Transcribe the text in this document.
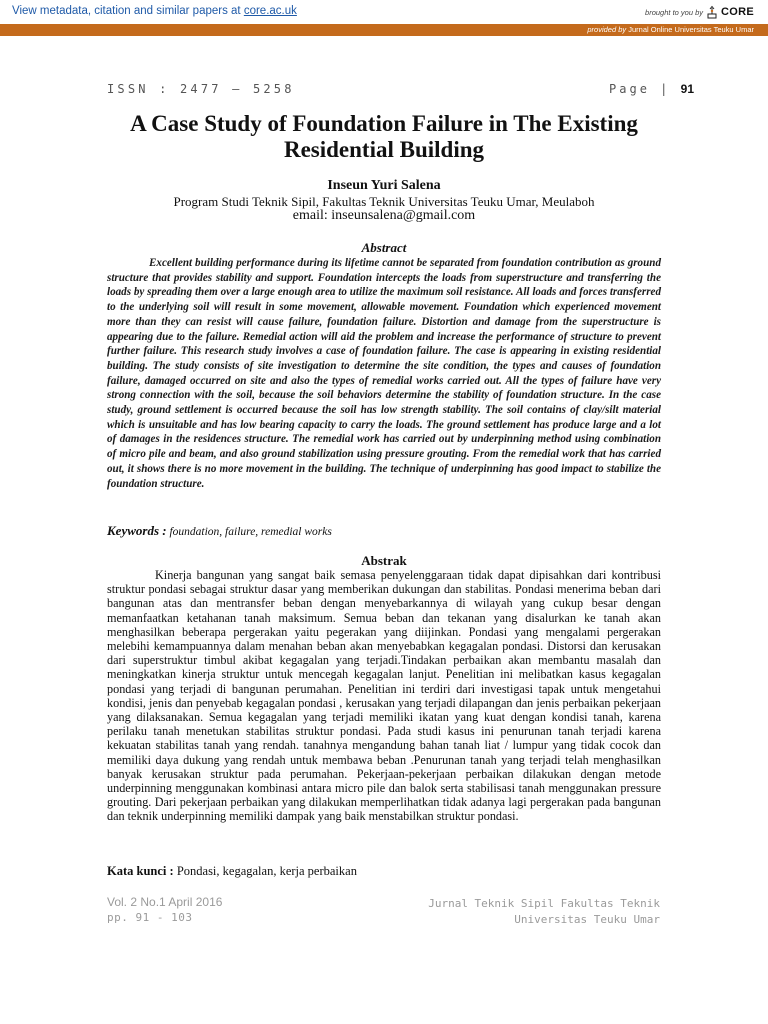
View metadata, citation and similar papers at core.ac.uk	brought to you by CORE
provided by Jurnal Online Universitas Teuku Umar
ISSN : 2477 – 5258	Page | 91
A Case Study of Foundation Failure in The Existing
Residential Building
Inseun Yuri Salena
Program Studi Teknik Sipil, Fakultas Teknik Universitas Teuku Umar, Meulaboh
email: inseunsalena@gmail.com
Abstract

Excellent building performance during its lifetime cannot be separated from foundation contribution as ground structure that provides stability and support. Foundation intercepts the loads from superstructure and transferring the loads by spreading them over a large enough area to utilize the maximum soil resistance. All loads and forces transferred to the underlying soil will result in some movement, allowable movement. Foundation which experienced movement more than they can resist will cause failure, foundation failure. Distortion and damage from the superstructure is appearing due to the failure. Remedial action will aid the problem and increase the performance of structure to prevent further failure. This research study involves a case of foundation failure. The case is appearing in existing residential building. The study consists of site investigation to determine the site condition, the types and causes of foundation failure, damaged occurred on site and also the types of remedial works carried out. All the types of failure have very strong connection with the soil, because the soil behaviors determine the stability of foundation structure. In the case study, ground settlement is occurred because the soil has low strength stability. The soil contains of clay/silt material which is unsuitable and has low bearing capacity to carry the loads. The ground settlement has produce large and a lot of damages in the residences structure. The remedial work has carried out by underpinning method using combination of micro pile and beam, and also ground stabilization using pressure grouting. From the remedial work that has carried out, it shows there is no more movement in the building. The technique of underpinning has good impact to stabilize the foundation structure.

Keywords : foundation, failure, remedial works
Abstrak

Kinerja bangunan yang sangat baik semasa penyelenggaraan tidak dapat dipisahkan dari kontribusi struktur pondasi sebagai struktur dasar yang memberikan dukungan dan stabilitas. Pondasi menerima beban dari bangunan atas dan mentransfer beban dengan menyebarkannya di wilayah yang cukup besar dengan memanfaatkan ketahanan tanah maksimum. Semua beban dan tekanan yang disalurkan ke tanah akan menghasilkan beberapa pergerakan yaitu pegerakan yang diijinkan. Pondasi yang mengalami pergerakan melebihi kemampuannya dalam menahan beban akan menyebabkan kegagalan pondasi. Distorsi dan kerusakan dari superstruktur timbul akibat kegagalan yang terjadi.Tindakan perbaikan akan membantu masalah dan meningkatkan kinerja struktur untuk mencegah kegagalan lanjut. Penelitian ini melibatkan kasus kegagalan pondasi yang terjadi di bangunan perumahan. Penelitian ini terdiri dari investigasi tapak untuk mengetahui kondisi, jenis dan penyebab kegagalan pondasi , kerusakan yang terjadi dilapangan dan jenis perbaikan pekerjaan yang dilaksanakan. Semua kegagalan yang terjadi memiliki ikatan yang kuat dengan kondisi tanah, karena perilaku tanah menetukan stabilitas struktur pondasi. Pada studi kasus ini penurunan tanah terjadi karena kekuatan stabilitas tanah yang rendah. tanahnya mengandung bahan tanah liat / lumpur yang tidak cocok dan memiliki daya dukung yang rendah untuk membawa beban .Penurunan tanah yang terjadi telah menghasilkan banyak kerusakan struktur pada perumahan. Pekerjaan-pekerjaan perbaikan dilakukan dengan metode underpinning menggunakan kombinasi antara micro pile dan balok serta stabilisasi tanah menggunakan pressure grouting. Dari pekerjaan perbaikan yang dilakukan memperlihatkan tidak adanya lagi pergerakan pada bangunan dan teknik underpinning memiliki dampak yang baik menstabilkan struktur pondasi.

Kata kunci : Pondasi, kegagalan, kerja perbaikan
Vol. 2 No.1 April 2016
pp. 91 - 103
Jurnal Teknik Sipil Fakultas Teknik
Universitas Teuku Umar
